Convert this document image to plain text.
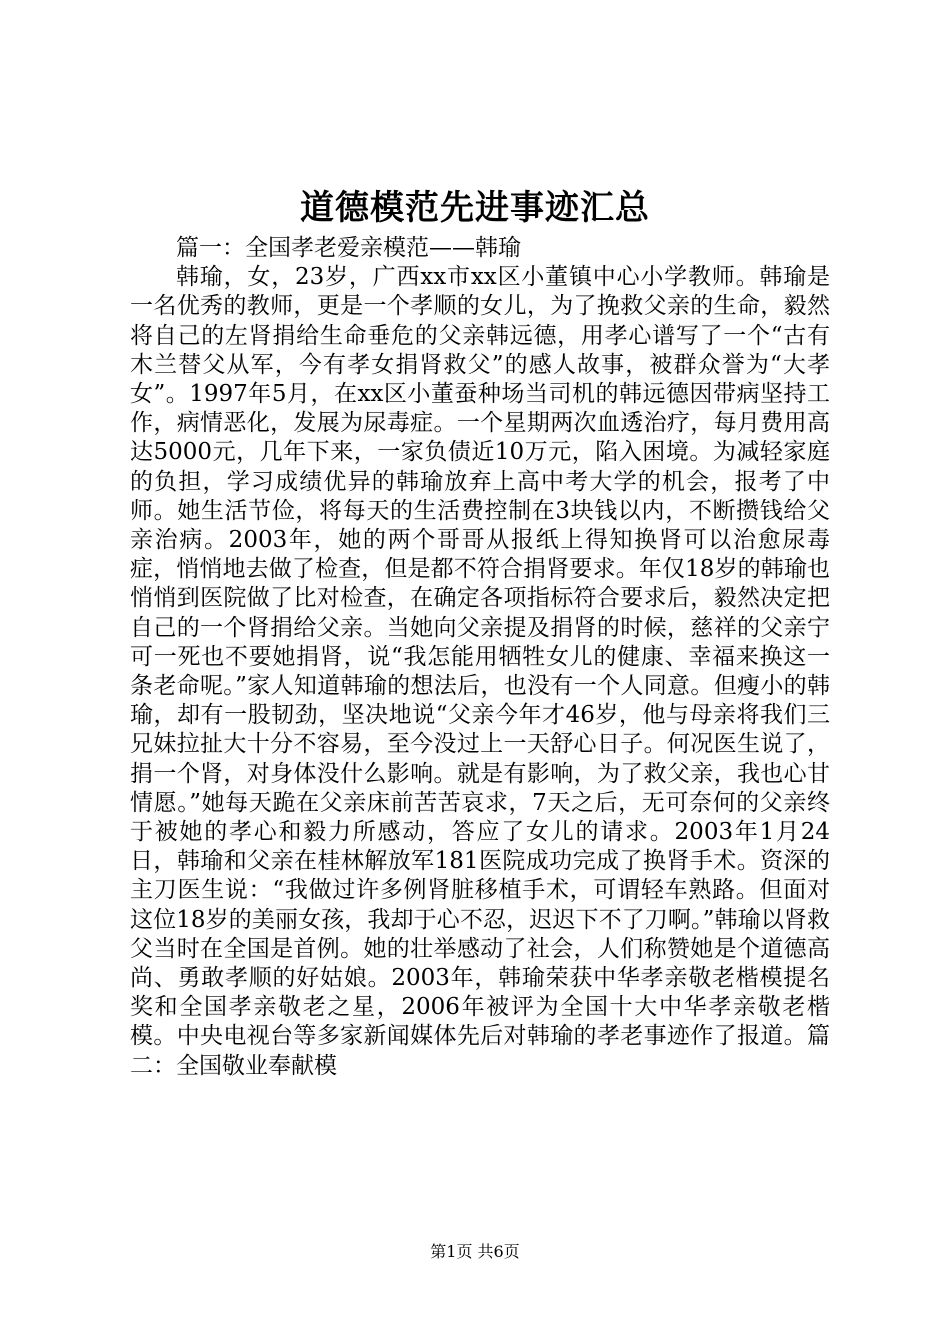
道德模范先进事迹汇总

篇一：全国孝老爱亲模范——韩瑜

韩瑜，女，23岁，广西xx市xx区小董镇中心小学教师。韩瑜是一名优秀的教师，更是一个孝顺的女儿，为了挽救父亲的生命，毅然将自己的左肾捐给生命垂危的父亲韩远德，用孝心谱写了一个“古有木兰替父从军，今有孝女捐肾救父”的感人故事，被群众誉为“大孝女”。1997年5月，在xx区小董蚕种场当司机的韩远德因带病坚持工作，病情恶化，发展为尿毒症。一个星期两次血透治疗，每月费用高达5000元，几年下来，一家负债近10万元，陷入困境。为减轻家庭的负担，学习成绩优异的韩瑜放弃上高中考大学的机会，报考了中师。她生活节俭，将每天的生活费控制在3块钱以内，不断攒钱给父亲治病。2003年，她的两个哥哥从报纸上得知换肾可以治愈尿毒症，悄悄地去做了检查，但是都不符合捐肾要求。年仅18岁的韩瑜也悄悄到医院做了比对检查，在确定各项指标符合要求后，毅然决定把自己的一个肾捐给父亲。当她向父亲提及捐肾的时候，慈祥的父亲宁可一死也不要她捐肾，说“我怎能用牺牲女儿的健康、幸福来换这一条老命呢。”家人知道韩瑜的想法后，也没有一个人同意。但瘦小的韩瑜，却有一股韧劲，坚决地说“父亲今年才46岁，他与母亲将我们三兄妹拉扯大十分不容易，至今没过上一天舒心日子。何况医生说了，捐一个肾，对身体没什么影响。就是有影响，为了救父亲，我也心甘情愿。”她每天跪在父亲床前苦苦哀求，7天之后，无可奈何的父亲终于被她的孝心和毅力所感动，答应了女儿的请求。2003年1月24日，韩瑜和父亲在桂林解放军181医院成功完成了换肾手术。资深的主刀医生说：“我做过许多例肾脏移植手术，可谓轻车熟路。但面对这位18岁的美丽女孩，我却于心不忍，迟迟下不了刀啊。”韩瑜以肾救父当时在全国是首例。她的壮举感动了社会，人们称赞她是个道德高尚、勇敢孝顺的好姑娘。2003年，韩瑜荣获中华孝亲敬老楷模提名奖和全国孝亲敬老之星，2006年被评为全国十大中华孝亲敬老楷模。中央电视台等多家新闻媒体先后对韩瑜的孝老事迹作了报道。篇二：全国敬业奉献模

第1页 共6页
